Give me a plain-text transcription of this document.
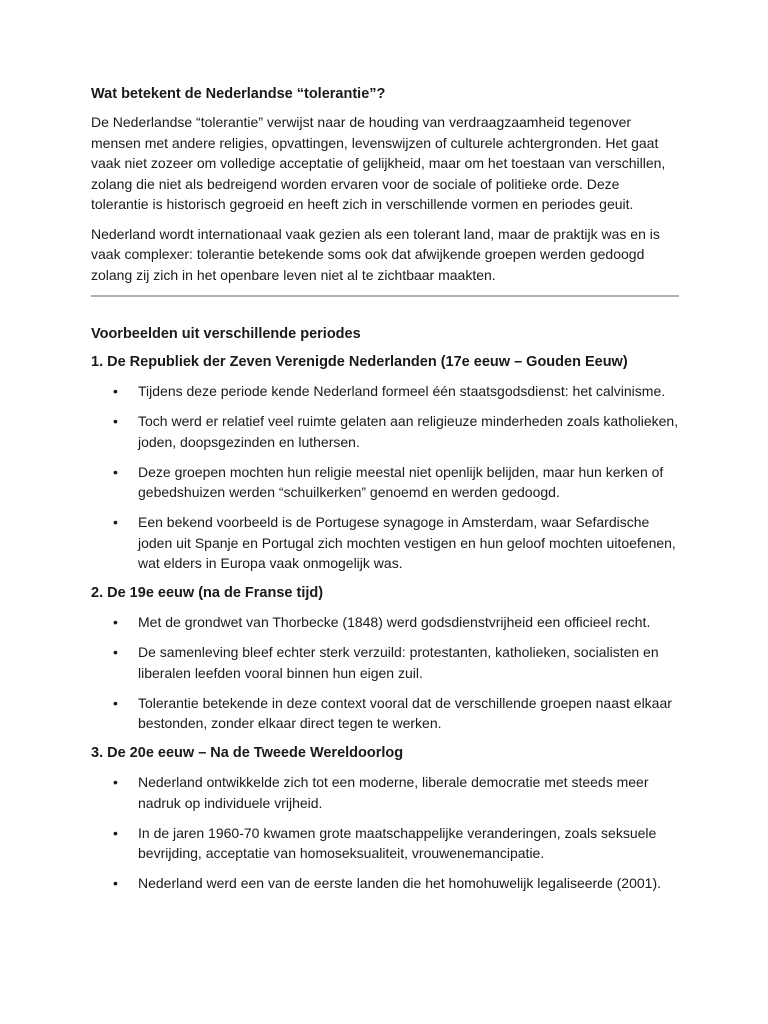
Wat betekent de Nederlandse “tolerantie”?

De Nederlandse “tolerantie” verwijst naar de houding van verdraagzaamheid tegenover mensen met andere religies, opvattingen, levenswijzen of culturele achtergronden. Het gaat vaak niet zozeer om volledige acceptatie of gelijkheid, maar om het toestaan van verschillen, zolang die niet als bedreigend worden ervaren voor de sociale of politieke orde. Deze tolerantie is historisch gegroeid en heeft zich in verschillende vormen en periodes geuit.

Nederland wordt internationaal vaak gezien als een tolerant land, maar de praktijk was en is vaak complexer: tolerantie betekende soms ook dat afwijkende groepen werden gedoogd zolang zij zich in het openbare leven niet al te zichtbaar maakten.

Voorbeelden uit verschillende periodes
1. De Republiek der Zeven Verenigde Nederlanden (17e eeuw – Gouden Eeuw)
• Tijdens deze periode kende Nederland formeel één staatsgodsdienst: het calvinisme.
• Toch werd er relatief veel ruimte gelaten aan religieuze minderheden zoals katholieken, joden, doopsgezinden en luthersen.
• Deze groepen mochten hun religie meestal niet openlijk belijden, maar hun kerken of gebedshuizen werden “schuilkerken” genoemd en werden gedoogd.
• Een bekend voorbeeld is de Portugese synagoge in Amsterdam, waar Sefardische joden uit Spanje en Portugal zich mochten vestigen en hun geloof mochten uitoefenen, wat elders in Europa vaak onmogelijk was.
2. De 19e eeuw (na de Franse tijd)
• Met de grondwet van Thorbecke (1848) werd godsdienstvrijheid een officieel recht.
• De samenleving bleef echter sterk verzuild: protestanten, katholieken, socialisten en liberalen leefden vooral binnen hun eigen zuil.
• Tolerantie betekende in deze context vooral dat de verschillende groepen naast elkaar bestonden, zonder elkaar direct tegen te werken.
3. De 20e eeuw – Na de Tweede Wereldoorlog
• Nederland ontwikkelde zich tot een moderne, liberale democratie met steeds meer nadruk op individuele vrijheid.
• In de jaren 1960-70 kwamen grote maatschappelijke veranderingen, zoals seksuele bevrijding, acceptatie van homoseksualiteit, vrouwenemancipatie.
• Nederland werd een van de eerste landen die het homohuwelijk legaliseerde (2001).
